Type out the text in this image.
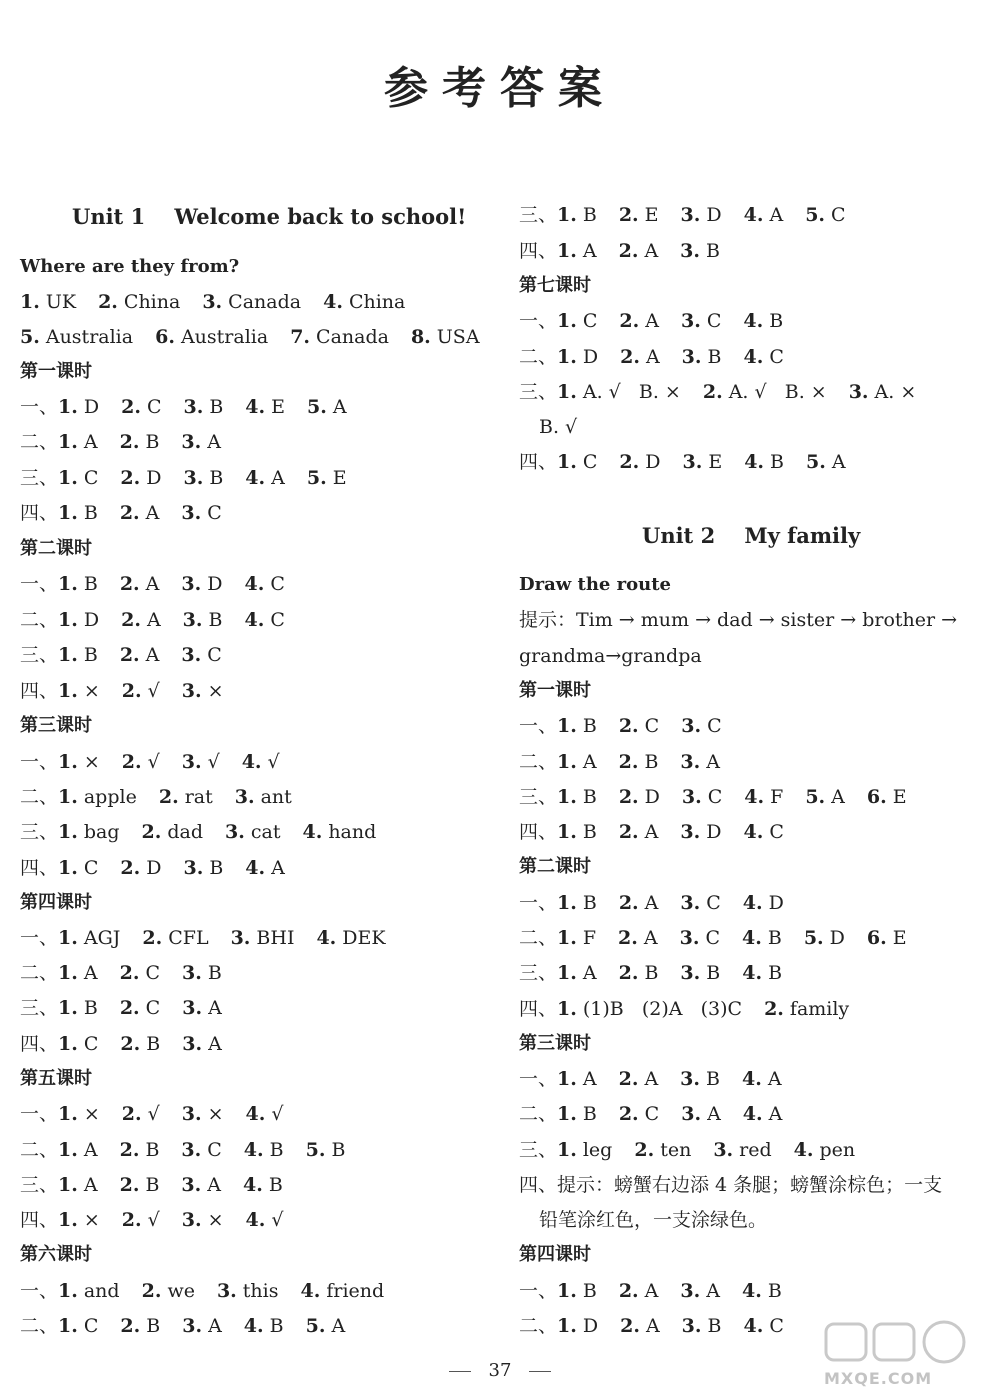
参考答案
Unit 1    Welcome back to school!
Where are they from?
1. UK 2. China 3. Canada 4. China
5. Australia 6. Australia 7. Canada 8. USA
第一课时
一、1. D 2. C 3. B 4. E 5. A
二、1. A 2. B 3. A
三、1. C 2. D 3. B 4. A 5. E
四、1. B 2. A 3. C
第二课时
一、1. B 2. A 3. D 4. C
二、1. D 2. A 3. B 4. C
三、1. B 2. A 3. C
四、1. × 2. √ 3. ×
第三课时
一、1. × 2. √ 3. √ 4. √
二、1. apple 2. rat 3. ant
三、1. bag 2. dad 3. cat 4. hand
四、1. C 2. D 3. B 4. A
第四课时
一、1. AGJ 2. CFL 3. BHI 4. DEK
二、1. A 2. C 3. B
三、1. B 2. C 3. A
四、1. C 2. B 3. A
第五课时
一、1. × 2. √ 3. × 4. √
二、1. A 2. B 3. C 4. B 5. B
三、1. A 2. B 3. A 4. B
四、1. × 2. √ 3. × 4. √
第六课时
一、1. and 2. we 3. this 4. friend
二、1. C 2. B 3. A 4. B 5. A
三、1. B 2. E 3. D 4. A 5. C
四、1. A 2. A 3. B
第七课时
一、1. C 2. A 3. C 4. B
二、1. D 2. A 3. B 4. C
三、1. A. √   B. × 2. A. √   B. × 3. A. ×
B. √
四、1. C 2. D 3. E 4. B 5. A
Unit 2    My family
Draw the route
提示：Tim → mum → dad → sister → brother →
grandma→grandpa
第一课时
一、1. B 2. C 3. C
二、1. A 2. B 3. A
三、1. B 2. D 3. C 4. F 5. A 6. E
四、1. B 2. A 3. D 4. C
第二课时
一、1. B 2. A 3. C 4. D
二、1. F 2. A 3. C 4. B 5. D 6. E
三、1. A 2. B 3. B 4. B
四、1. (1)B   (2)A   (3)C 2. family
第三课时
一、1. A 2. A 3. B 4. A
二、1. B 2. C 3. A 4. A
三、1. leg 2. ten 3. red 4. pen
四、提示：螃蟹右边添 4 条腿；螃蟹涂棕色；一支
铅笔涂红色，一支涂绿色。
第四课时
一、1. B 2. A 3. A 4. B
二、1. D 2. A 3. B 4. C
37	MXQE.COM
